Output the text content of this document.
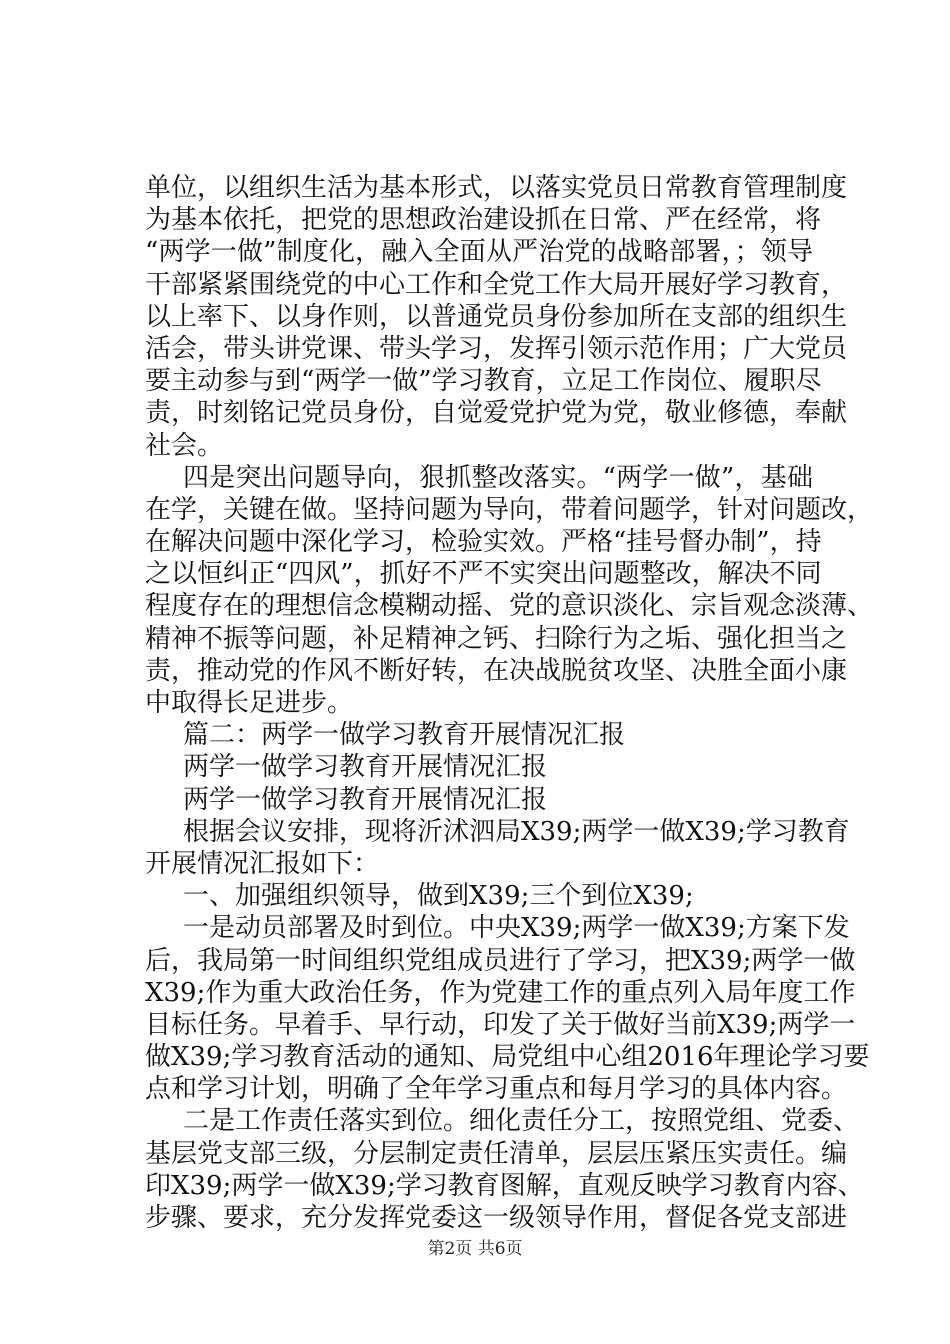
单位，以组织生活为基本形式，以落实党员日常教育管理制度
为基本依托，把党的思想政治建设抓在日常、严在经常，将
“两学一做”制度化，融入全面从严治党的战略部署，；领导
干部紧紧围绕党的中心工作和全党工作大局开展好学习教育，
以上率下、以身作则，以普通党员身份参加所在支部的组织生
活会，带头讲党课、带头学习，发挥引领示范作用；广大党员
要主动参与到“两学一做”学习教育，立足工作岗位、履职尽
责，时刻铭记党员身份，自觉爱党护党为党，敬业修德，奉献
社会。
四是突出问题导向，狠抓整改落实。“两学一做”，基础
在学，关键在做。坚持问题为导向，带着问题学，针对问题改，
在解决问题中深化学习，检验实效。严格“挂号督办制”，持
之以恒纠正“四风”，抓好不严不实突出问题整改，解决不同
程度存在的理想信念模糊动摇、党的意识淡化、宗旨观念淡薄、
精神不振等问题，补足精神之钙、扫除行为之垢、强化担当之
责，推动党的作风不断好转，在决战脱贫攻坚、决胜全面小康
中取得长足进步。
篇二：两学一做学习教育开展情况汇报
两学一做学习教育开展情况汇报
两学一做学习教育开展情况汇报
根据会议安排，现将沂沭泗局X39;两学一做X39;学习教育
开展情况汇报如下：
一、加强组织领导，做到X39;三个到位X39;
一是动员部署及时到位。中央X39;两学一做X39;方案下发
后，我局第一时间组织党组成员进行了学习，把X39;两学一做
X39;作为重大政治任务，作为党建工作的重点列入局年度工作
目标任务。早着手、早行动，印发了关于做好当前X39;两学一
做X39;学习教育活动的通知、局党组中心组2016年理论学习要
点和学习计划，明确了全年学习重点和每月学习的具体内容。
二是工作责任落实到位。细化责任分工，按照党组、党委、
基层党支部三级，分层制定责任清单，层层压紧压实责任。编
印X39;两学一做X39;学习教育图解，直观反映学习教育内容、
步骤、要求，充分发挥党委这一级领导作用，督促各党支部进
第2页 共6页
